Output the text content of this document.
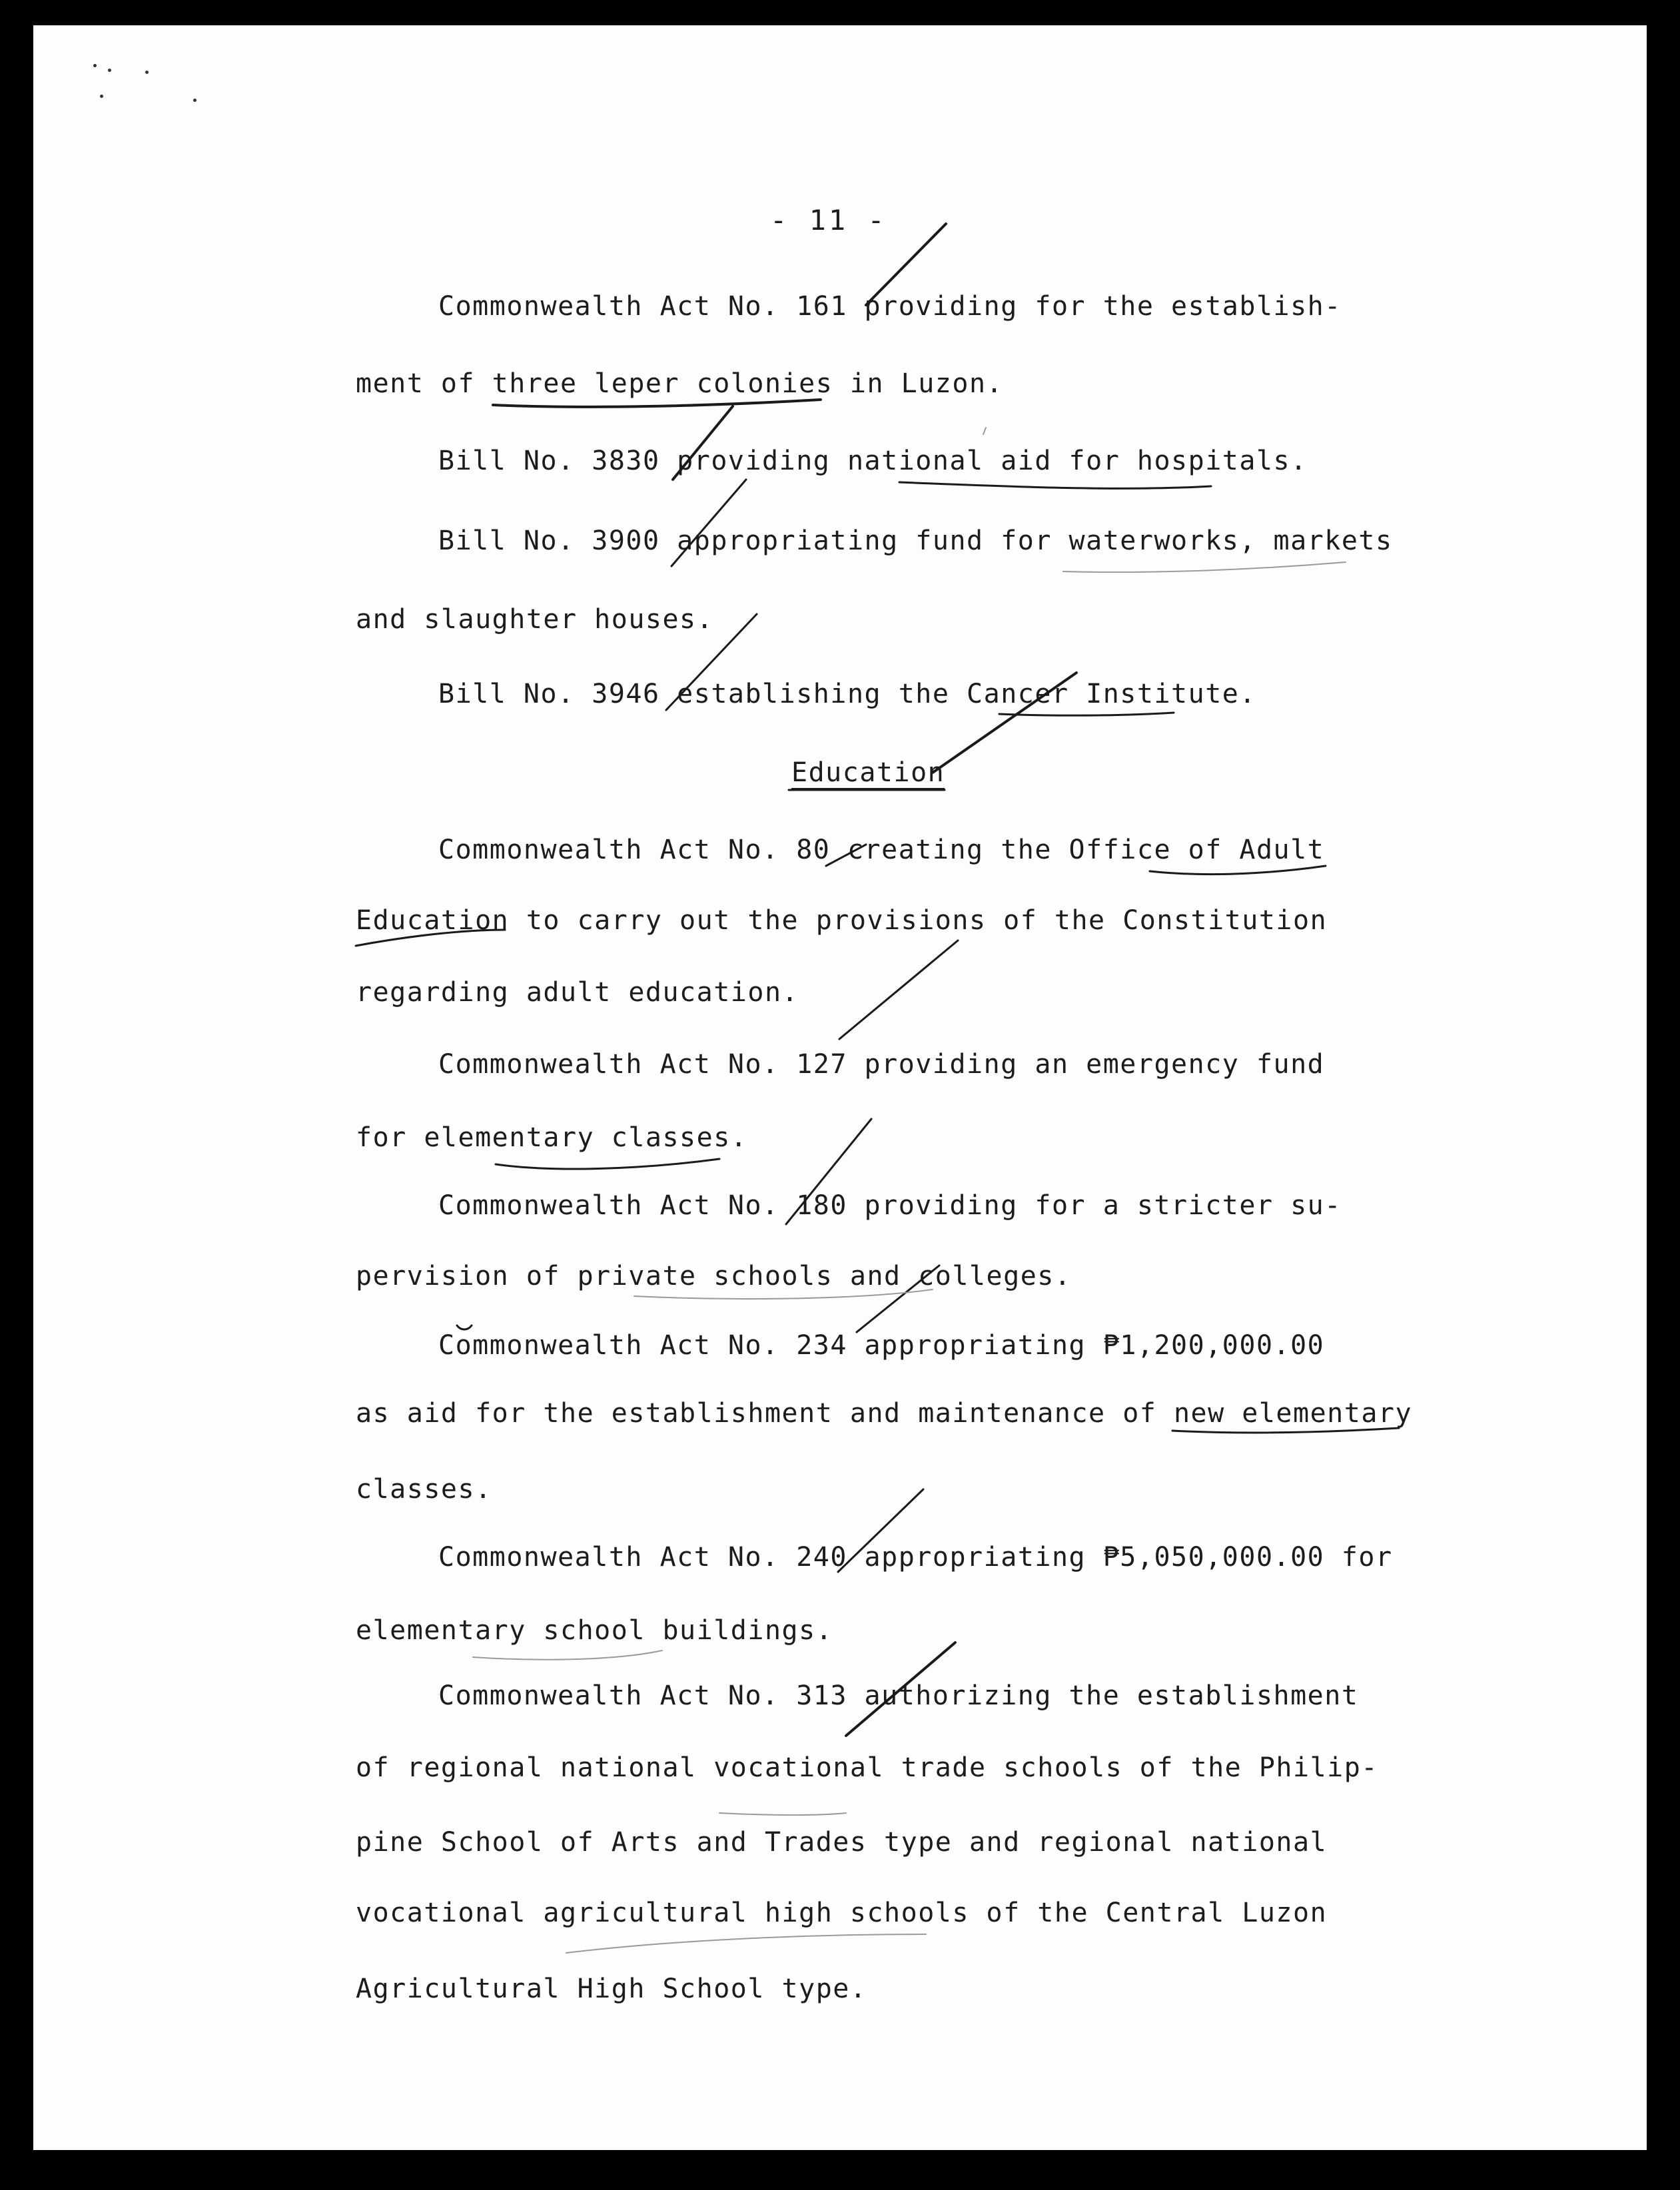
- 11 -
Commonwealth Act No. 161 providing for the establish-
ment of three leper colonies in Luzon.
Bill No. 3830 providing national aid for hospitals.
Bill No. 3900 appropriating fund for waterworks, markets
and slaughter houses.
Bill No. 3946 establishing the Cancer Institute.
Education
Commonwealth Act No. 80 creating the Office of Adult
Education to carry out the provisions of the Constitution
regarding adult education.
Commonwealth Act No. 127 providing an emergency fund
for elementary classes.
Commonwealth Act No. 180 providing for a stricter su-
pervision of private schools and colleges.
Commonwealth Act No. 234 appropriating ₱1,200,000.00
as aid for the establishment and maintenance of new elementary
classes.
Commonwealth Act No. 240 appropriating ₱5,050,000.00 for
elementary school buildings.
Commonwealth Act No. 313 authorizing the establishment
of regional national vocational trade schools of the Philip-
pine School of Arts and Trades type and regional national
vocational agricultural high schools of the Central Luzon
Agricultural High School type.
